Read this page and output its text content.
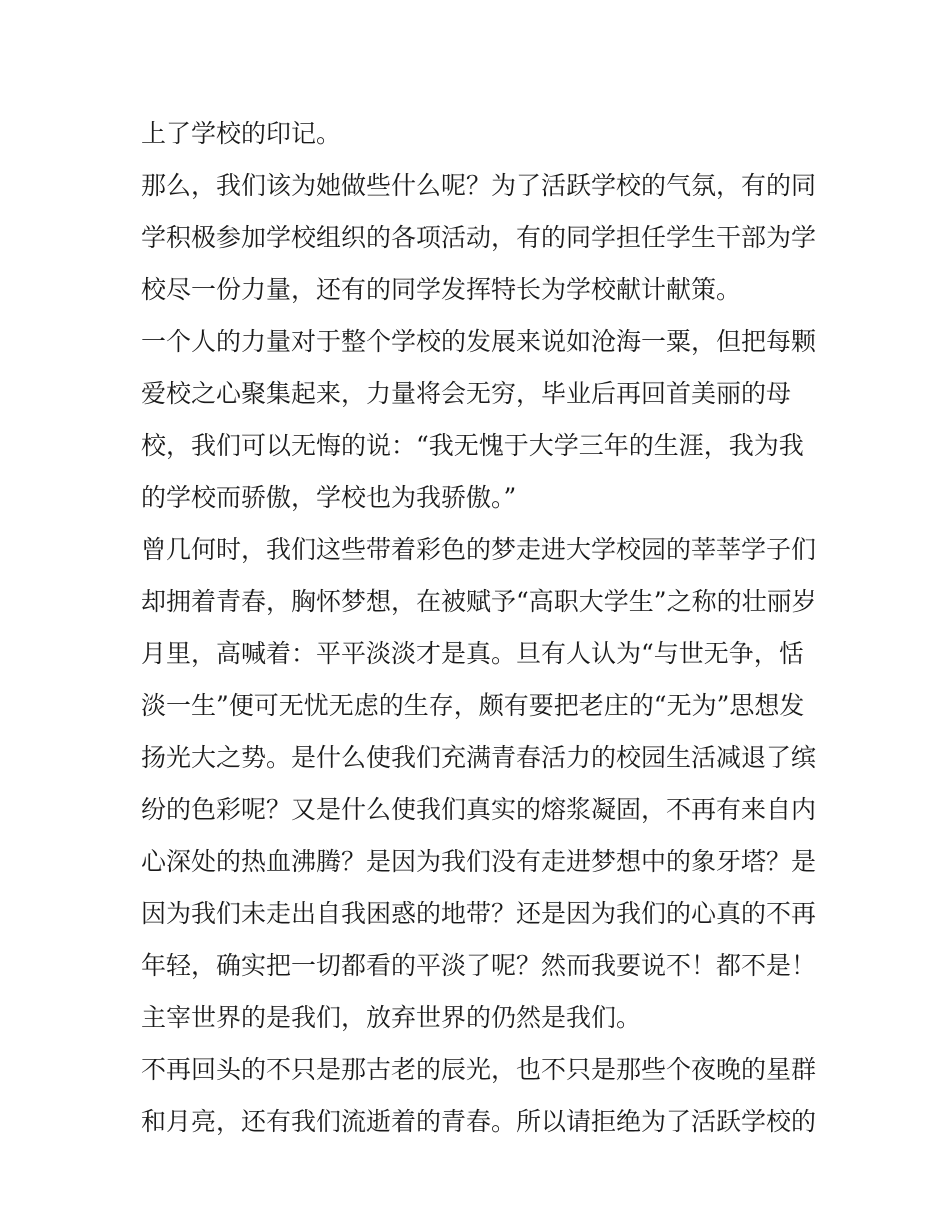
上了学校的印记。
那么，我们该为她做些什么呢？为了活跃学校的气氛，有的同
学积极参加学校组织的各项活动，有的同学担任学生干部为学
校尽一份力量，还有的同学发挥特长为学校献计献策。
一个人的力量对于整个学校的发展来说如沧海一粟，但把每颗
爱校之心聚集起来，力量将会无穷，毕业后再回首美丽的母
校，我们可以无悔的说：“我无愧于大学三年的生涯，我为我
的学校而骄傲，学校也为我骄傲。”
曾几何时，我们这些带着彩色的梦走进大学校园的莘莘学子们
却拥着青春，胸怀梦想，在被赋予“高职大学生”之称的壮丽岁
月里，高喊着：平平淡淡才是真。旦有人认为“与世无争，恬
淡一生”便可无忧无虑的生存，颇有要把老庄的“无为”思想发
扬光大之势。是什么使我们充满青春活力的校园生活减退了缤
纷的色彩呢？又是什么使我们真实的熔浆凝固，不再有来自内
心深处的热血沸腾？是因为我们没有走进梦想中的象牙塔？是
因为我们未走出自我困惑的地带？还是因为我们的心真的不再
年轻，确实把一切都看的平淡了呢？然而我要说不！都不是！
主宰世界的是我们，放弃世界的仍然是我们。
不再回头的不只是那古老的辰光，也不只是那些个夜晚的星群
和月亮，还有我们流逝着的青春。所以请拒绝为了活跃学校的
